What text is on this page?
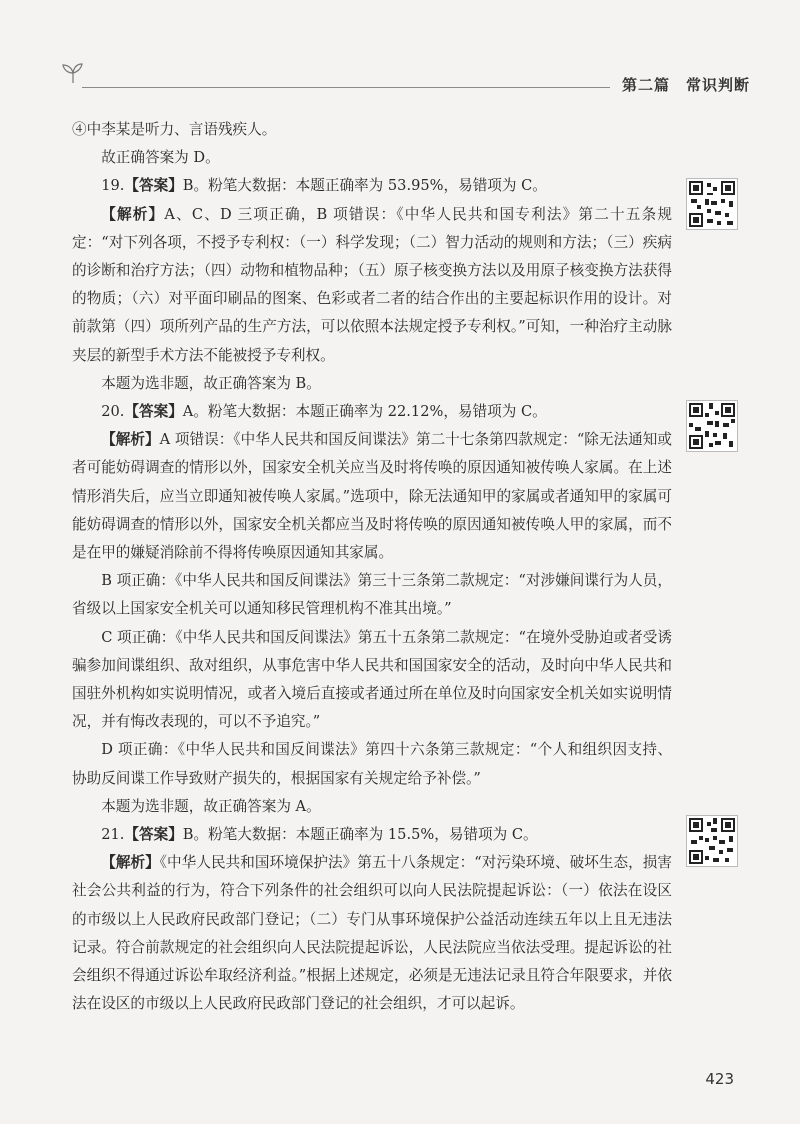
第二篇　常识判断

④中李某是听力、言语残疾人。

故正确答案为 D。

19.【答案】B。粉笔大数据：本题正确率为 53.95%，易错项为 C。

【解析】A、C、D 三项正确，B 项错误：《中华人民共和国专利法》第二十五条规定：“对下列各项，不授予专利权：（一）科学发现；（二）智力活动的规则和方法；（三）疾病的诊断和治疗方法；（四）动物和植物品种；（五）原子核变换方法以及用原子核变换方法获得的物质；（六）对平面印刷品的图案、色彩或者二者的结合作出的主要起标识作用的设计。对前款第（四）项所列产品的生产方法，可以依照本法规定授予专利权。”可知，一种治疗主动脉夹层的新型手术方法不能被授予专利权。

本题为选非题，故正确答案为 B。

20.【答案】A。粉笔大数据：本题正确率为 22.12%，易错项为 C。

【解析】A 项错误：《中华人民共和国反间谍法》第二十七条第四款规定：“除无法通知或者可能妨碍调查的情形以外，国家安全机关应当及时将传唤的原因通知被传唤人家属。在上述情形消失后，应当立即通知被传唤人家属。”选项中，除无法通知甲的家属或者通知甲的家属可能妨碍调查的情形以外，国家安全机关都应当及时将传唤的原因通知被传唤人甲的家属，而不是在甲的嫌疑消除前不得将传唤原因通知其家属。

B 项正确：《中华人民共和国反间谍法》第三十三条第二款规定：“对涉嫌间谍行为人员，省级以上国家安全机关可以通知移民管理机构不准其出境。”

C 项正确：《中华人民共和国反间谍法》第五十五条第二款规定：“在境外受胁迫或者受诱骗参加间谍组织、敌对组织，从事危害中华人民共和国国家安全的活动，及时向中华人民共和国驻外机构如实说明情况，或者入境后直接或者通过所在单位及时向国家安全机关如实说明情况，并有悔改表现的，可以不予追究。”

D 项正确：《中华人民共和国反间谍法》第四十六条第三款规定：“个人和组织因支持、协助反间谍工作导致财产损失的，根据国家有关规定给予补偿。”

本题为选非题，故正确答案为 A。

21.【答案】B。粉笔大数据：本题正确率为 15.5%，易错项为 C。

【解析】《中华人民共和国环境保护法》第五十八条规定：“对污染环境、破坏生态，损害社会公共利益的行为，符合下列条件的社会组织可以向人民法院提起诉讼：（一）依法在设区的市级以上人民政府民政部门登记；（二）专门从事环境保护公益活动连续五年以上且无违法记录。符合前款规定的社会组织向人民法院提起诉讼，人民法院应当依法受理。提起诉讼的社会组织不得通过诉讼牟取经济利益。”根据上述规定，必须是无违法记录且符合年限要求，并依法在设区的市级以上人民政府民政部门登记的社会组织，才可以起诉。

423
